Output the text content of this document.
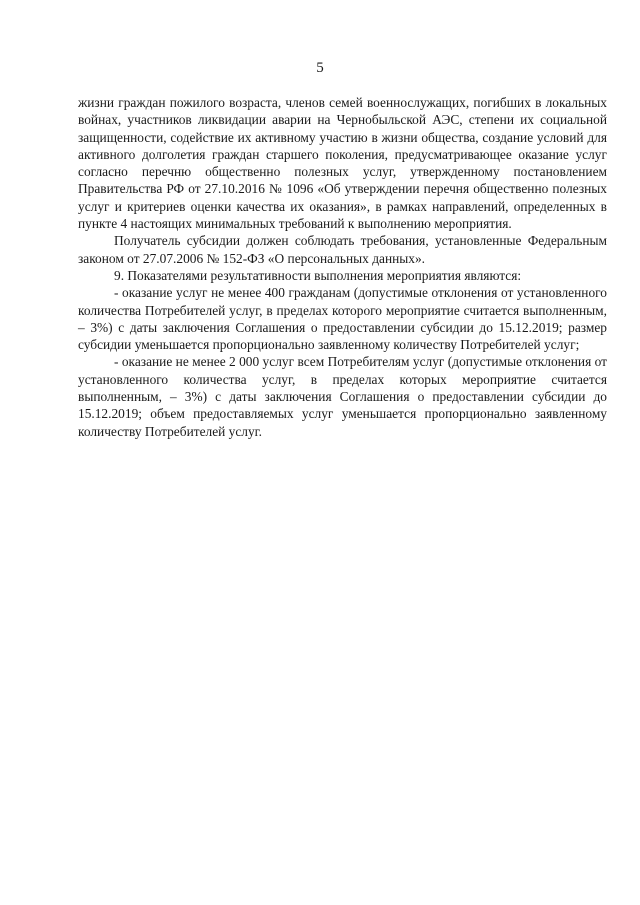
5

жизни граждан пожилого возраста, членов семей военнослужащих, погибших в локальных войнах, участников ликвидации аварии на Чернобыльской АЭС, степени их социальной защищенности, содействие их активному участию в жизни общества, создание условий для активного долголетия граждан старшего поколения, предусматривающее оказание услуг согласно перечню общественно полезных услуг, утвержденному постановлением Правительства РФ от 27.10.2016 № 1096 «Об утверждении перечня общественно полезных услуг и критериев оценки качества их оказания», в рамках направлений, определенных в пункте 4 настоящих минимальных требований к выполнению мероприятия.

Получатель субсидии должен соблюдать требования, установленные Федеральным законом от 27.07.2006 № 152-ФЗ «О персональных данных».

9. Показателями результативности выполнения мероприятия являются:

- оказание услуг не менее 400 гражданам (допустимые отклонения от установленного количества Потребителей услуг, в пределах которого мероприятие считается выполненным, – 3%) с даты заключения Соглашения о предоставлении субсидии до 15.12.2019; размер субсидии уменьшается пропорционально заявленному количеству Потребителей услуг;

- оказание не менее 2 000 услуг всем Потребителям услуг (допустимые отклонения от установленного количества услуг, в пределах которых мероприятие считается выполненным, – 3%) с даты заключения Соглашения о предоставлении субсидии до 15.12.2019; объем предоставляемых услуг уменьшается пропорционально заявленному количеству Потребителей услуг.
